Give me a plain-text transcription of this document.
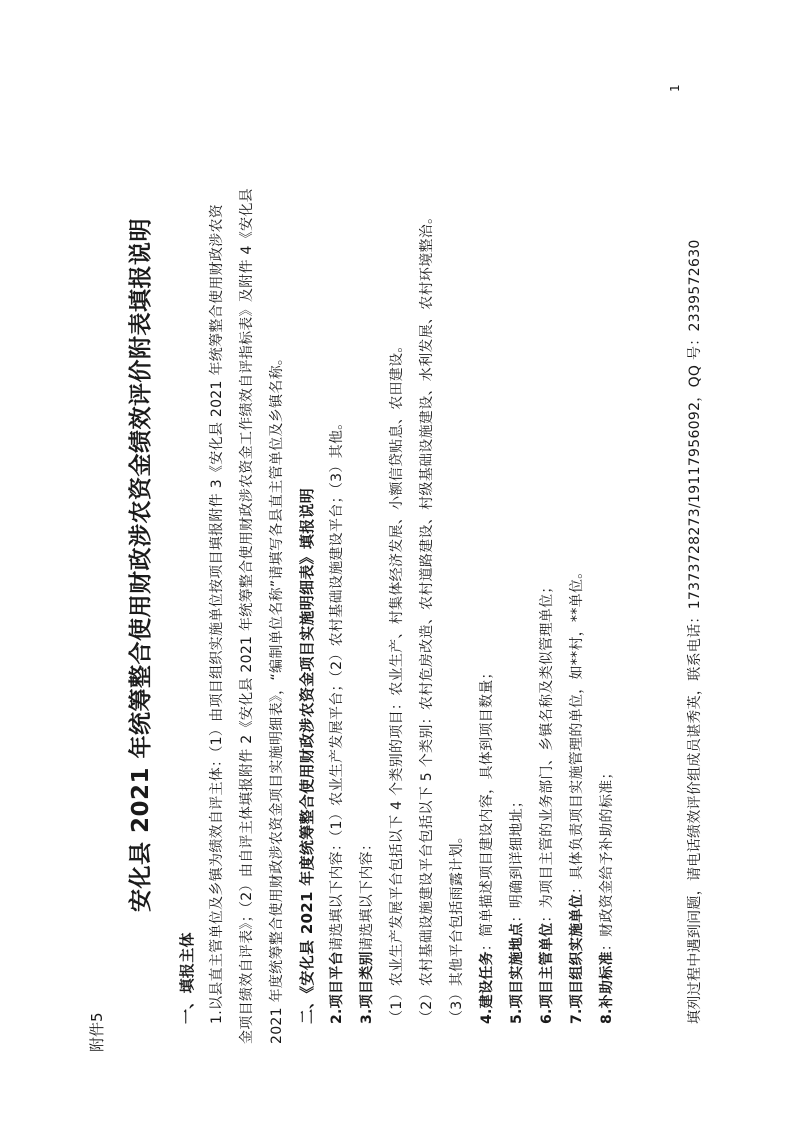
附件5
1
安化县 2021 年统筹整合使用财政涉农资金绩效评价附表填报说明
一、填报主体 1.以县直主管单位及乡镇为绩效自评主体：（1）由项目组织实施单位按项目填报附件 3《安化县 2021 年统筹整合使用财政涉农资 金项目绩效自评表》；（2）由自评主体填报附件 2《安化县 2021 年统筹整合使用财政涉农资金工作绩效自评指标表》及附件 4《安化县 2021 年度统筹整合使用财政涉农资金项目实施明细表》，“编制单位名称”请填写各县直主管单位及乡镇名称。 二、《安化县 2021 年度统筹整合使用财政涉农资金项目实施明细表》填报说明 2.项目平台请选填以下内容：（1）农业生产发展平台；（2）农村基础设施建设平台；（3）其他。
3.项目类别请选填以下内容： （1）农业生产发展平台包括以下 4 个类别的项目：农业生产、村集体经济发展、小额信贷贴息、农田建设。 （2）农村基础设施建设平台包括以下 5 个类别：农村危房改造、农村道路建设、村级基础设施建设、水利发展、农村环境整治。 （3）其他平台包括雨露计划。 4.建设任务：简单描述项目建设内容，具体到项目数量；
5.项目实施地点：明确到详细地址；
6.项目主管单位：为项目主管的业务部门、乡镇名称及类似管理单位；
7.项目组织实施单位：具体负责项目实施管理的单位，如**村，**单位。
8.补助标准：财政资金给予补助的标准；	填列过程中遇到问题，请电话绩效评价组成员谌秀英，联系电话：17373728273/19117956092，QQ 号：2339572630
